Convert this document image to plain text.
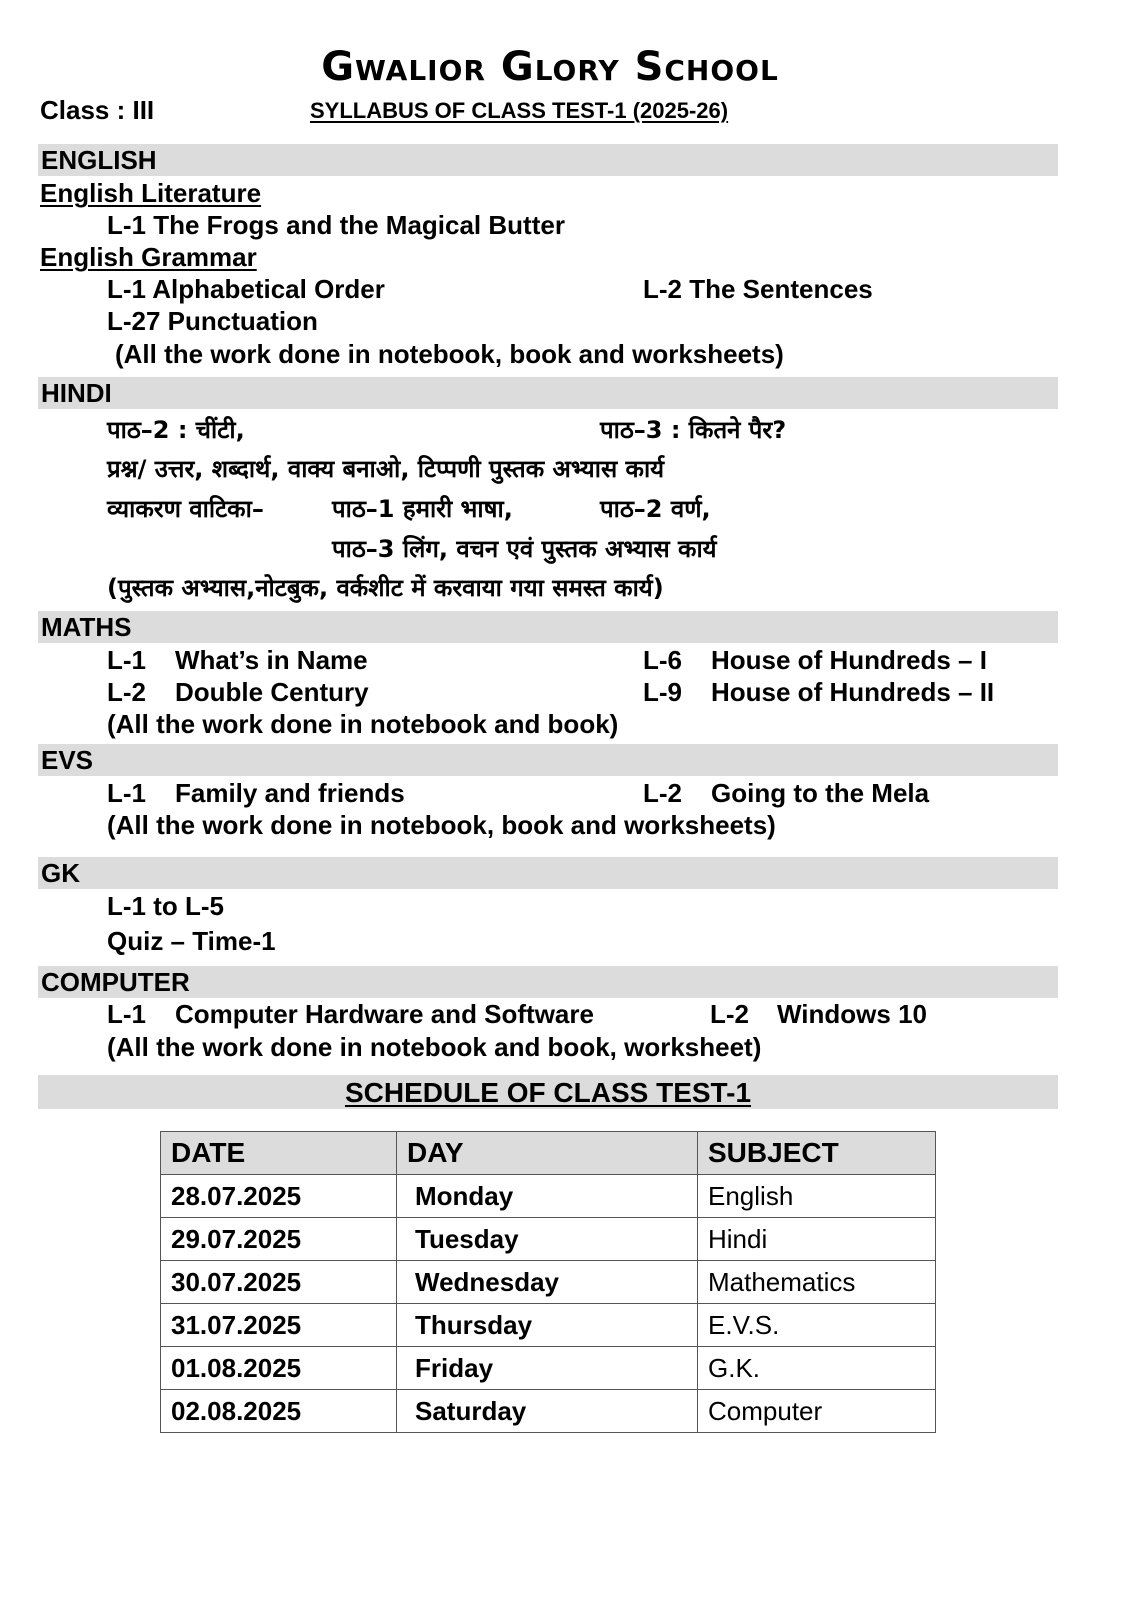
Gwalior Glory School
Class : III	SYLLABUS OF CLASS TEST-1 (2025-26)
ENGLISH
English Literature
L-1 The Frogs and the Magical Butter
English Grammar
L-1 Alphabetical Order	L-2 The Sentences
L-27 Punctuation
(All the work done in notebook, book and worksheets)
HINDI
पाठ–2 : चींटी,	पाठ–3 : कितने पैर?
प्रश्न/ उत्तर, शब्दार्थ, वाक्य बनाओ, टिप्पणी पुस्तक अभ्यास कार्य
व्याकरण वाटिका–	पाठ–1 हमारी भाषा,	पाठ–2 वर्ण,
पाठ–3 लिंग, वचन एवं पुस्तक अभ्यास कार्य
(पुस्तक अभ्यास,नोटबुक, वर्कशीट में करवाया गया समस्त कार्य)
MATHS
L-1 What’s in Name	L-6 House of Hundreds – I
L-2 Double Century	L-9 House of Hundreds – II
(All the work done in notebook and book)
EVS
L-1 Family and friends	L-2 Going to the Mela
(All the work done in notebook, book and worksheets)
GK
L-1 to L-5
Quiz – Time-1
COMPUTER
L-1 Computer Hardware and Software	L-2 Windows 10
(All the work done in notebook and book, worksheet)
SCHEDULE OF CLASS TEST-1
DATE	DAY	SUBJECT
28.07.2025	Monday	English
29.07.2025	Tuesday	Hindi
30.07.2025	Wednesday	Mathematics
31.07.2025	Thursday	E.V.S.
01.08.2025	Friday	G.K.
02.08.2025	Saturday	Computer
